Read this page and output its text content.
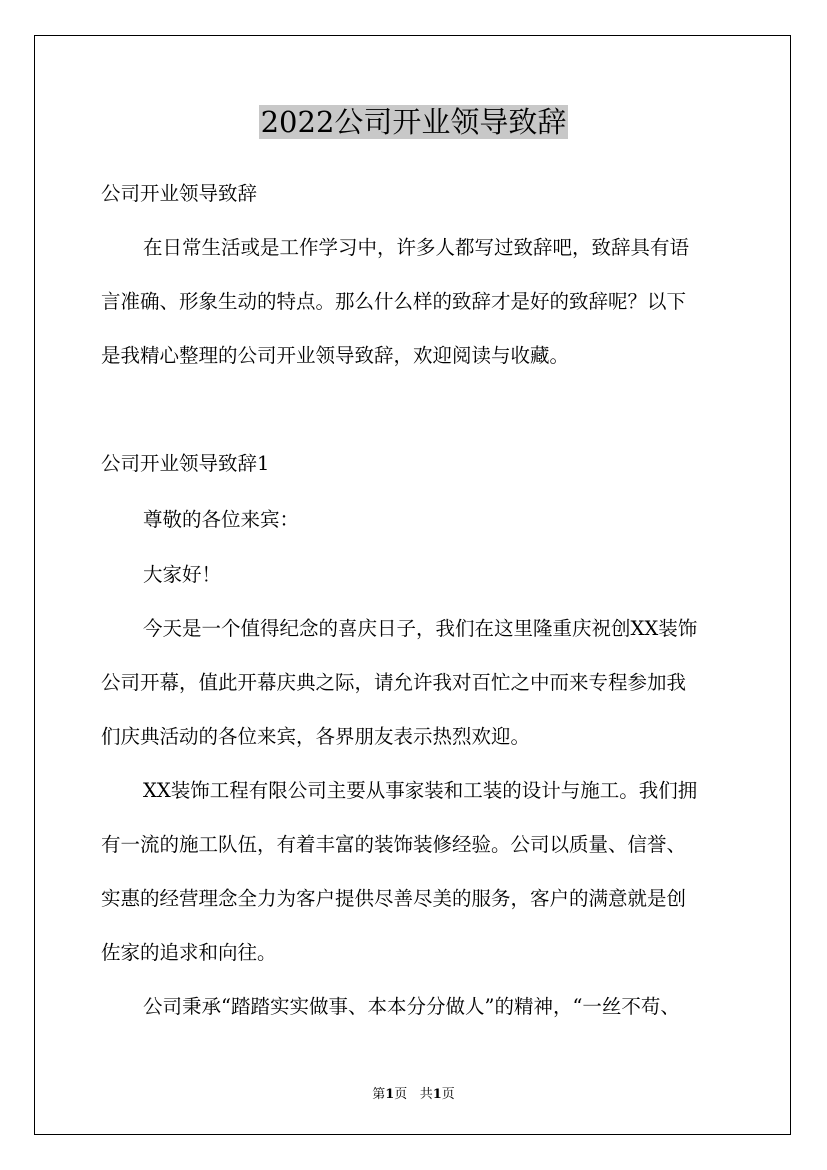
2022公司开业领导致辞
公司开业领导致辞
在日常生活或是工作学习中，许多人都写过致辞吧，致辞具有语
言准确、形象生动的特点。那么什么样的致辞才是好的致辞呢？以下
是我精心整理的公司开业领导致辞，欢迎阅读与收藏。
公司开业领导致辞1
尊敬的各位来宾：
大家好！
今天是一个值得纪念的喜庆日子，我们在这里隆重庆祝创XX装饰
公司开幕，值此开幕庆典之际，请允许我对百忙之中而来专程参加我
们庆典活动的各位来宾，各界朋友表示热烈欢迎。
XX装饰工程有限公司主要从事家装和工装的设计与施工。我们拥
有一流的施工队伍，有着丰富的装饰装修经验。公司以质量、信誉、
实惠的经营理念全力为客户提供尽善尽美的服务，客户的满意就是创
佐家的追求和向往。
公司秉承“踏踏实实做事、本本分分做人”的精神，“一丝不苟、
第1页 共1页
